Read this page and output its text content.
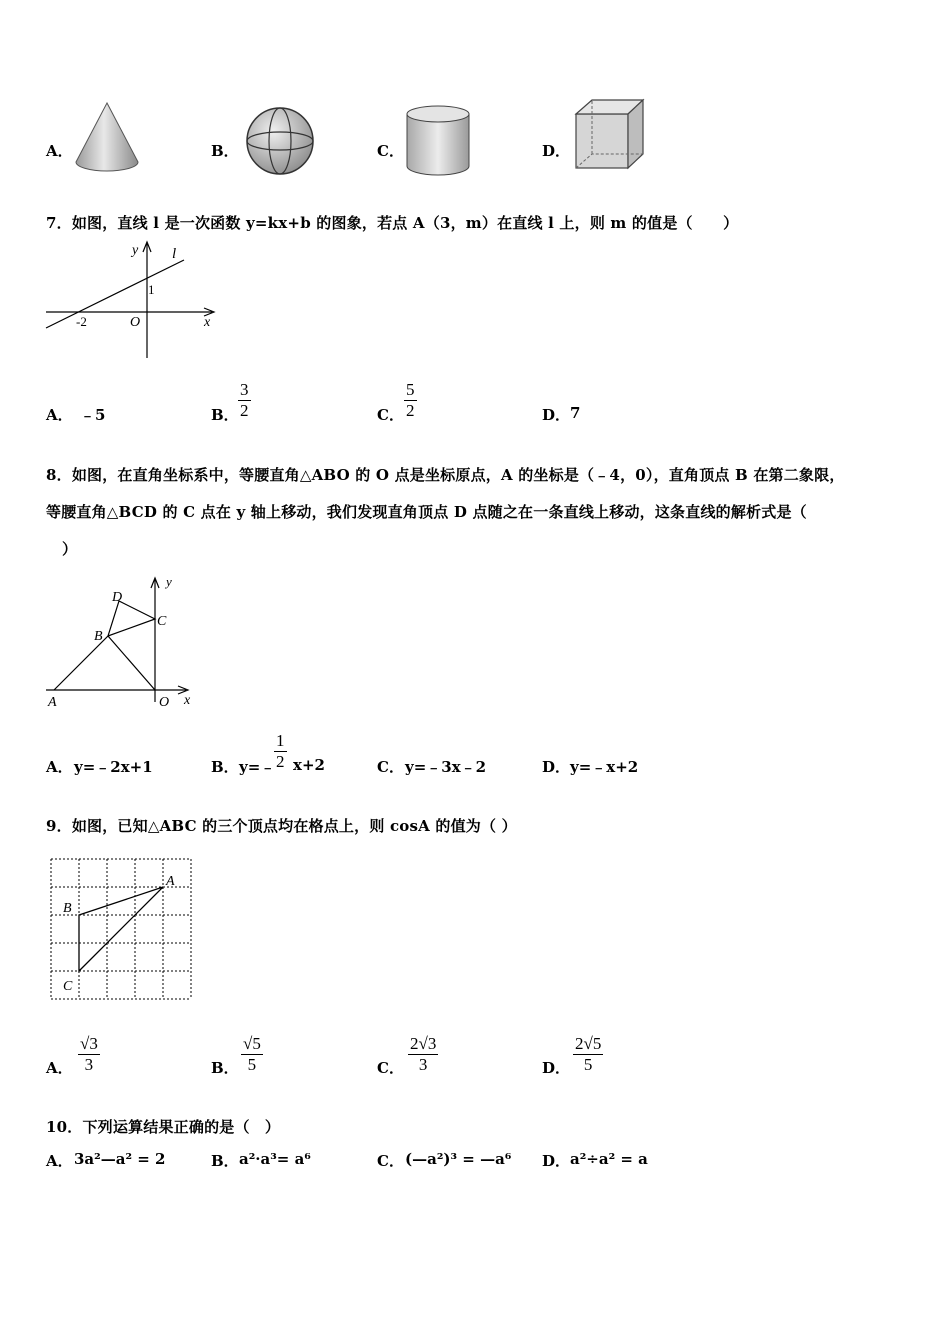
A．	B．	C．	D．
7．如图，直线 l 是一次函数 y=kx+b 的图象，若点 A（3，m）在直线 l 上，则 m 的值是（　　）
y l
1
-2	O	x
A． ﹣5	B． $\frac{3}{2}$	C． $\frac{5}{2}$	D． 7
8．如图，在直角坐标系中，等腰直角△ABO 的 O 点是坐标原点，A 的坐标是（﹣4，0），直角顶点 B 在第二象限，
等腰直角△BCD 的 C 点在 y 轴上移动，我们发现直角顶点 D 点随之在一条直线上移动，这条直线的解析式是（
）
D
C
B
A	O x
y
A． y=﹣2x+1	B． y=﹣
$\frac{1}{2} x+2$	C． y=﹣3x﹣2	D． y=﹣x+2
9．如图，已知△ABC 的三个顶点均在格点上，则 cosA 的值为（ ）
A
B
C
A． $\frac{√3}{3}$	B． $\frac{√5}{5}$	C． $\frac{2√3}{3}$	D． $\frac{2√5}{5}$
10．下列运算结果正确的是（　）
A． 3a²—a² = 2	B． a²·a³= a⁶	C． (—a²)³ = —a⁶ D． a²÷a² = a
